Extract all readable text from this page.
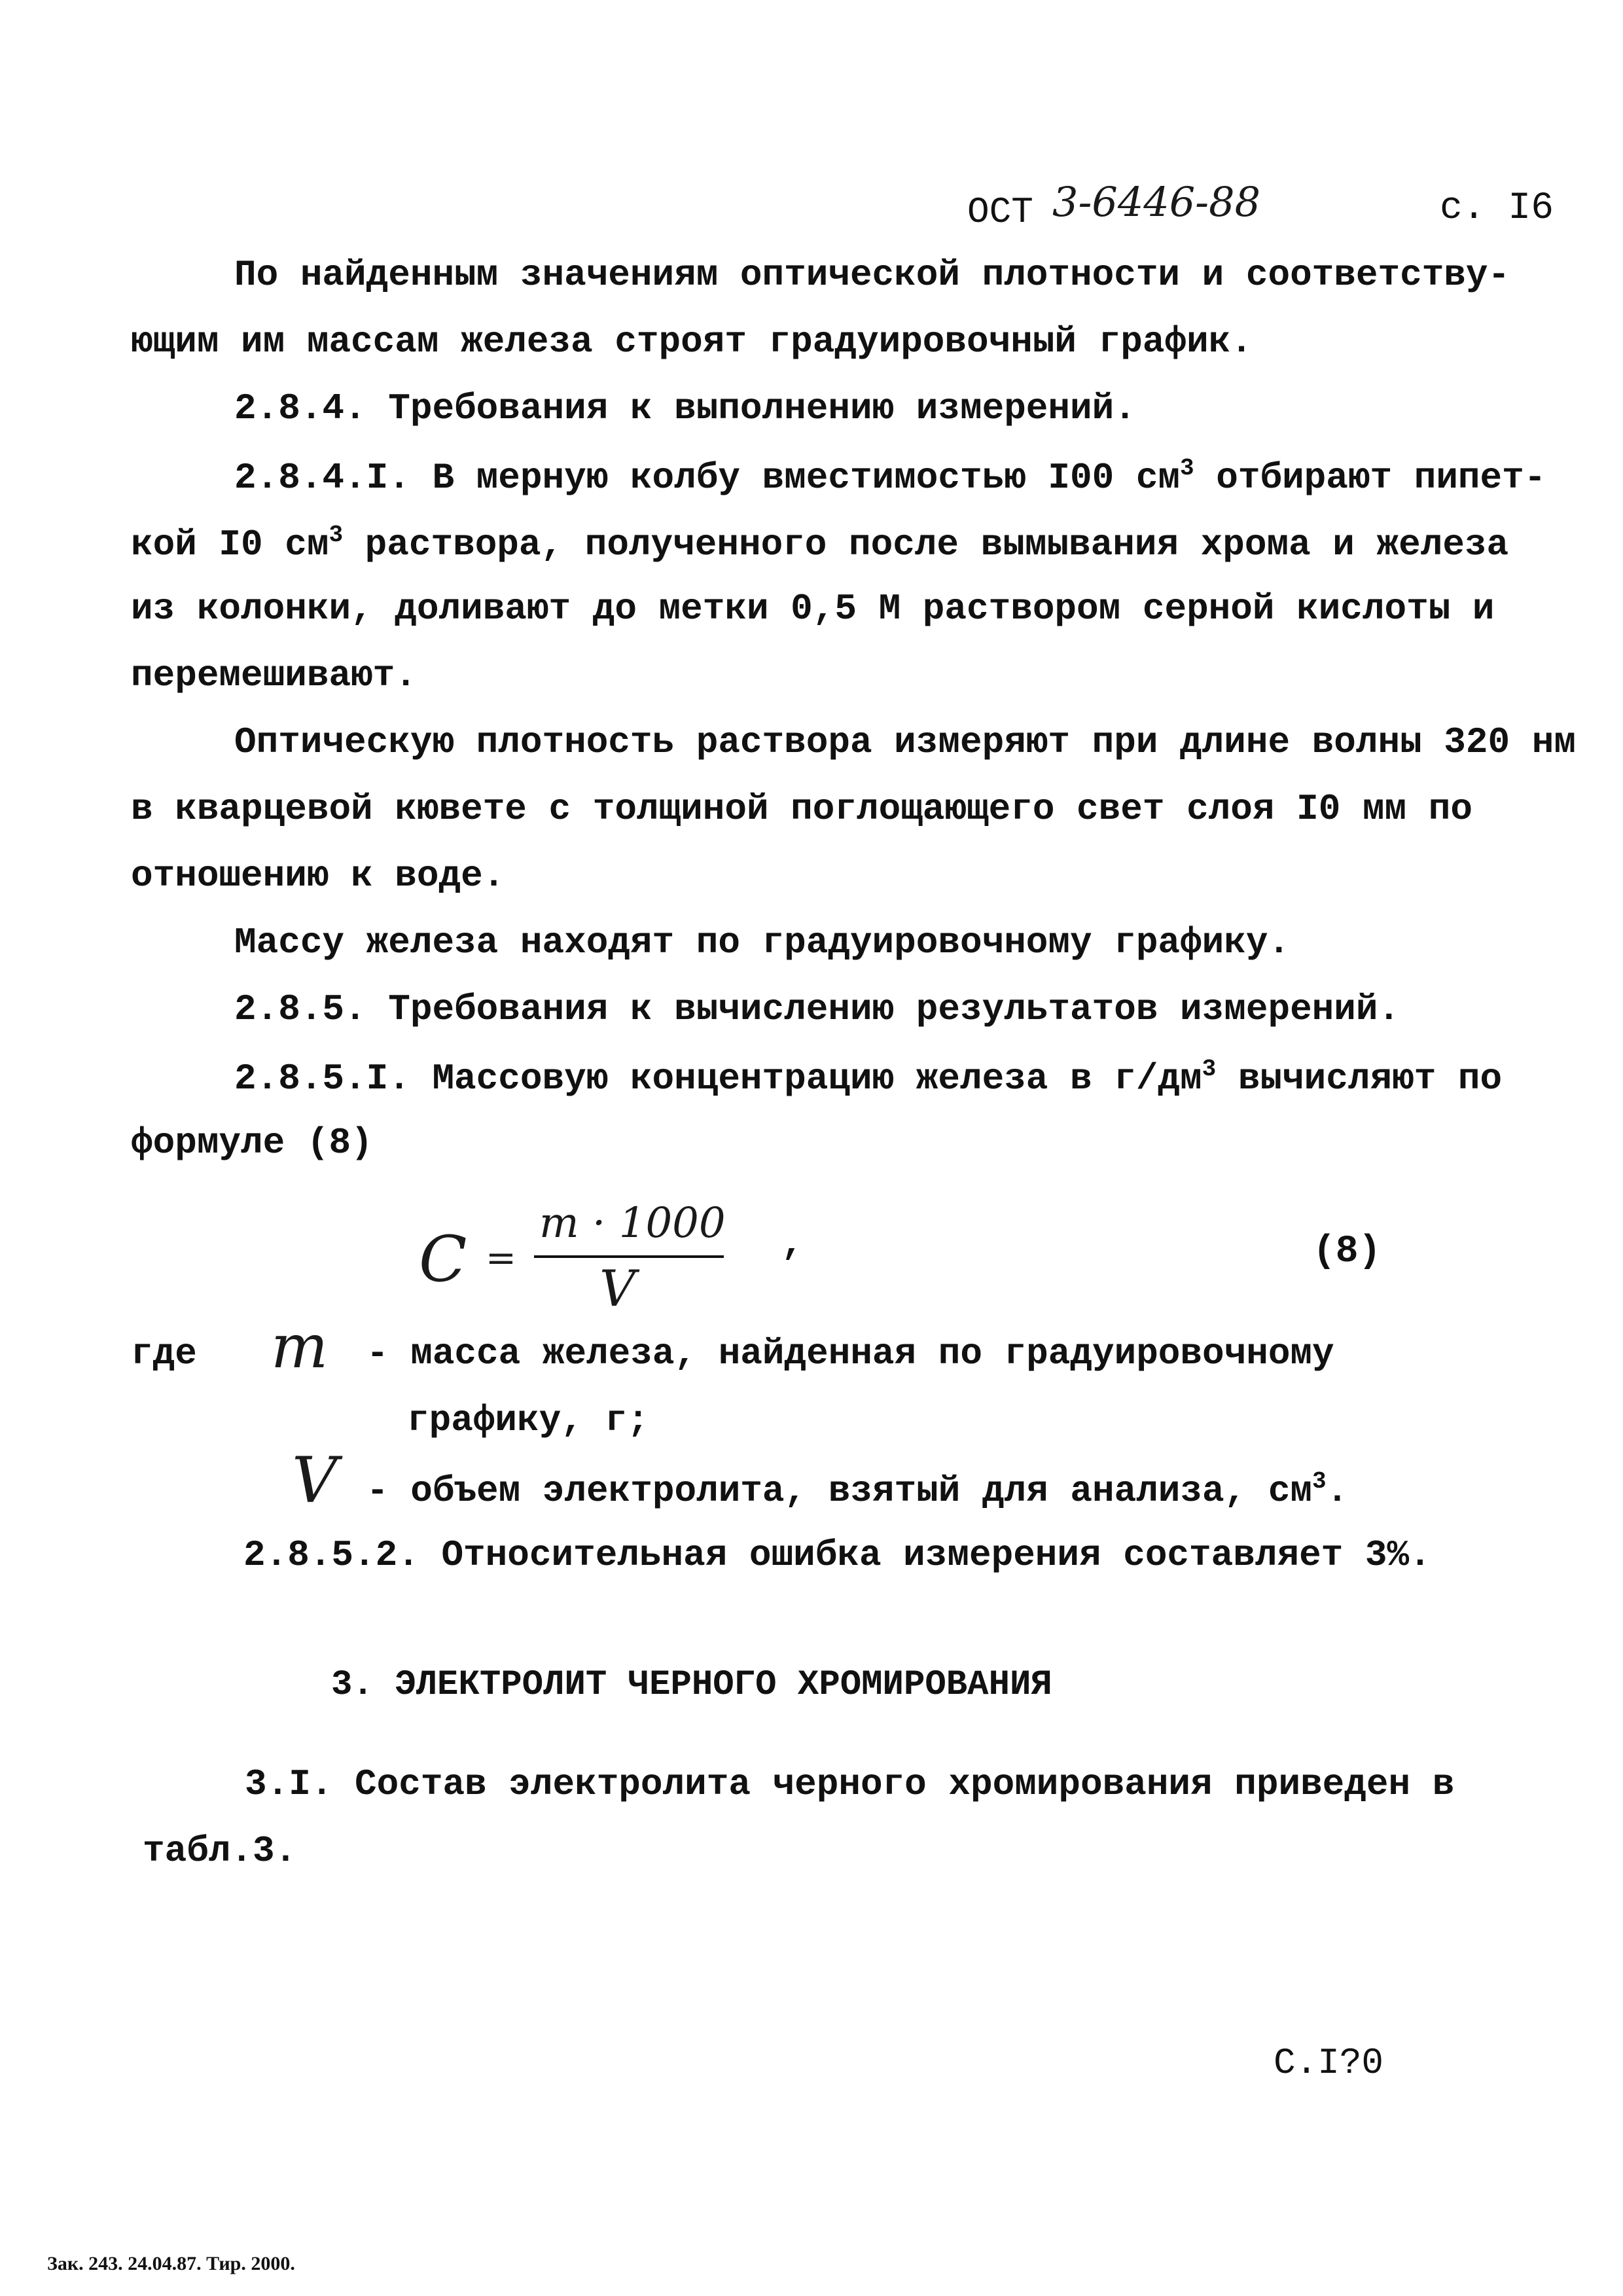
ОСТ 3-6446-88	с. I6
По найденным значениям оптической плотности и соответству-
ющим им массам железа строят градуировочный график.
2.8.4. Требования к выполнению измерений.
2.8.4.I. В мерную колбу вместимостью I00 $см^3$ отбирают пипет-
кой I0 $см^3$ раствора, полученного после вымывания хрома и железа
из колонки, доливают до метки 0,5 М раствором серной кислоты и
перемешивают.
Оптическую плотность раствора измеряют при длине волны 320 нм
в кварцевой кювете с толщиной поглощающего свет слоя I0 мм по
отношению к воде.
Массу железа находят по градуировочному графику.
2.8.5. Требования к вычислению результатов измерений.
2.8.5.I. Массовую концентрацию железа в $г/дм^3$ вычисляют по
формуле (8)
C =
m · 1000
V
,	(8)
где m - масса железа, найденная по градуировочному
графику, г;
V - объем электролита, взятый для анализа, $см^3$.
2.8.5.2. Относительная ошибка измерения составляет 3%.
3. ЭЛЕКТРОЛИТ ЧЕРНОГО ХРОМИРОВАНИЯ
3.I. Состав электролита черного хромирования приведен в
табл.3.
С.I?0
Зак. 243. 24.04.87. Тир. 2000.
